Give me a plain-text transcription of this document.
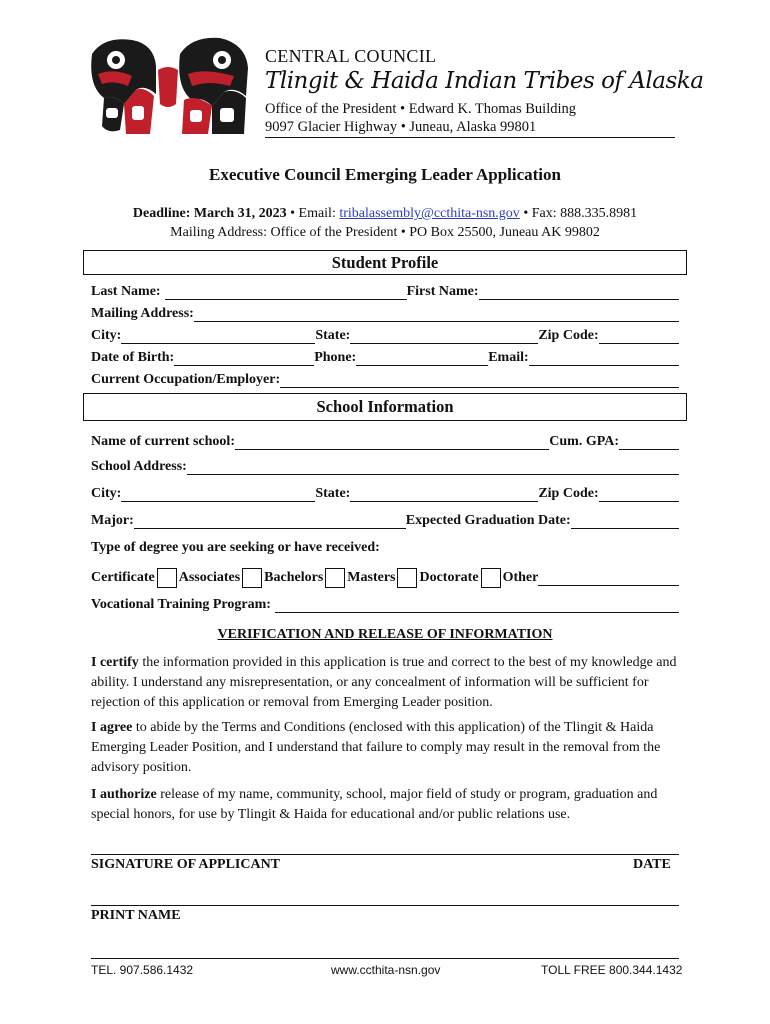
CENTRAL COUNCIL
Tlingit & Haida Indian Tribes of Alaska
Office of the President • Edward K. Thomas Building
9097 Glacier Highway • Juneau, Alaska 99801
Executive Council Emerging Leader Application
Deadline: March 31, 2023 • Email: tribalassembly@ccthita-nsn.gov • Fax: 888.335.8981
Mailing Address: Office of the President • PO Box 25500, Juneau AK 99802
Student Profile
Last Name:	First Name:
Mailing Address:
City:	State:	Zip Code:
Date of Birth:	Phone:	Email:
Current Occupation/Employer:
School Information
Name of current school:	Cum. GPA:
School Address:
City:	State:	Zip Code:
Major:	Expected Graduation Date:
Type of degree you are seeking or have received:
Certificate Associates Bachelors Masters Doctorate Other
Vocational Training Program:
VERIFICATION AND RELEASE OF INFORMATION
I certify the information provided in this application is true and correct to the best of my knowledge and ability. I understand any misrepresentation, or any concealment of information will be sufficient for rejection of this application or removal from Emerging Leader position.
I agree to abide by the Terms and Conditions (enclosed with this application) of the Tlingit & Haida Emerging Leader Position, and I understand that failure to comply may result in the removal from the advisory position.
I authorize release of my name, community, school, major field of study or program, graduation and special honors, for use by Tlingit & Haida for educational and/or public relations use.
SIGNATURE OF APPLICANT	DATE
PRINT NAME
TEL. 907.586.1432	www.ccthita-nsn.gov	TOLL FREE 800.344.1432
